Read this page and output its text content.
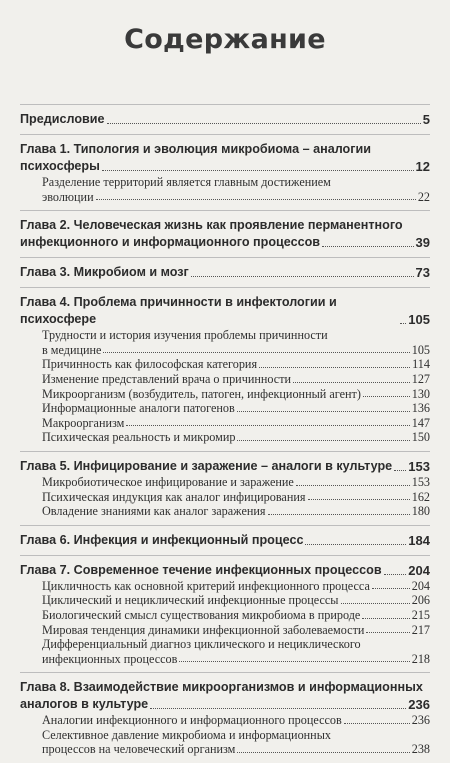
Содержание
Предисловие	5
Глава 1. Типология и эволюция микробиома – аналогии
психосферы	12
Разделение территорий является главным достижением
эволюции	22
Глава 2. Человеческая жизнь как проявление перманентного
инфекционного и информационного процессов	39
Глава 3. Микробиом и мозг	73
Глава 4. Проблема причинности в инфектологии и психосфере	105
Трудности и история изучения проблемы причинности
в медицине	105
Причинность как философская категория	114
Изменение представлений врача о причинности	127
Микроорганизм (возбудитель, патоген, инфекционный агент)	130
Информационные аналоги патогенов	136
Макроорганизм	147
Психическая реальность и микромир	150
Глава 5. Инфицирование и заражение – аналоги в культуре 153
Микробиотическое инфицирование и заражение	153
Психическая индукция как аналог инфицирования	162
Овладение знаниями как аналог заражения	180
Глава 6. Инфекция и инфекционный процесс	184
Глава 7. Современное течение инфекционных процессов 204
Цикличность как основной критерий инфекционного процесса	204
Циклический и нециклический инфекционные процессы	206
Биологический смысл существования микробиома в природе	215
Мировая тенденция динамики инфекционной заболеваемости	217
Дифференциальный диагноз циклического и нециклического
инфекционных процессов	218
Глава 8. Взаимодействие микроорганизмов и информационных
аналогов в культуре	236
Аналогии инфекционного и информационного процессов	236
Селективное давление микробиома и информационных
процессов на человеческий организм	238
